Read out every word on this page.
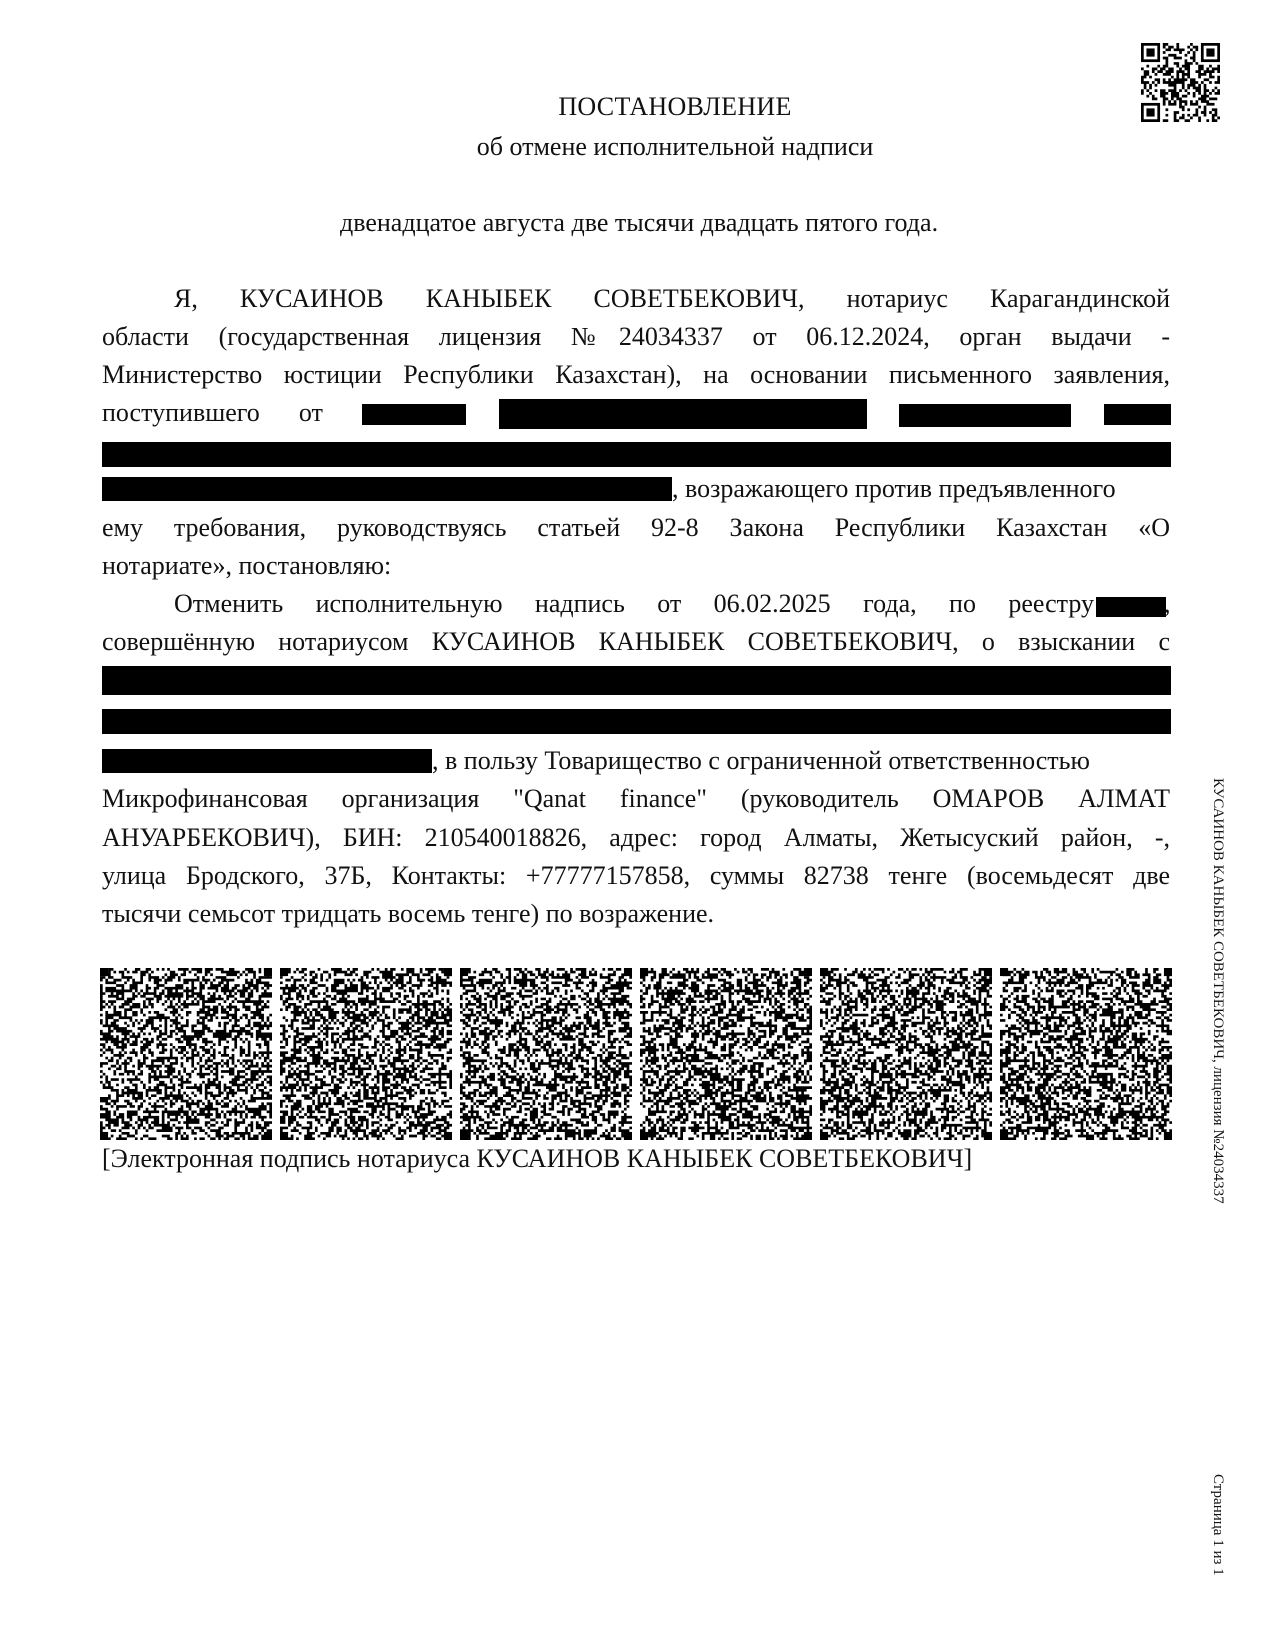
ПОСТАНОВЛЕНИЕ
об отмене исполнительной надписи
двенадцатое августа две тысячи двадцать пятого года.
Я, КУСАИНОВ КАНЫБЕК СОВЕТБЕКОВИЧ, нотариус Карагандинской
области (государственная лицензия №24034337 от 06.12.2024, орган выдачи -
Министерство юстиции Республики Казахстан), на основании письменного заявления,
поступившего от
, возражающего против предъявленного
ему требования, руководствуясь статьей 92-8 Закона Республики Казахстан «О
нотариате», постановляю:
Отменить исполнительную надпись от 06.02.2025 года, по реестру	,
совершённую нотариусом КУСАИНОВ КАНЫБЕК СОВЕТБЕКОВИЧ, о взыскании с
, в пользу Товарищество с ограниченной ответственностью
Микрофинансовая организация "Qanat finance" (руководитель ОМАРОВ АЛМАТ
АНУАРБЕКОВИЧ), БИН: 210540018826, адрес: город Алматы, Жетысуский район, -,
улица Бродского, 37Б, Контакты: +77777157858, суммы 82738 тенге (восемьдесят две
тысячи семьсот тридцать восемь тенге) по возражение.
[Электронная подпись нотариуса КУСАИНОВ КАНЫБЕК СОВЕТБЕКОВИЧ]	КУСАИНОВ КАНЫБЕК СОВЕТБЕКОВИЧ, лицензия №24034337
Страница 1 из 1
